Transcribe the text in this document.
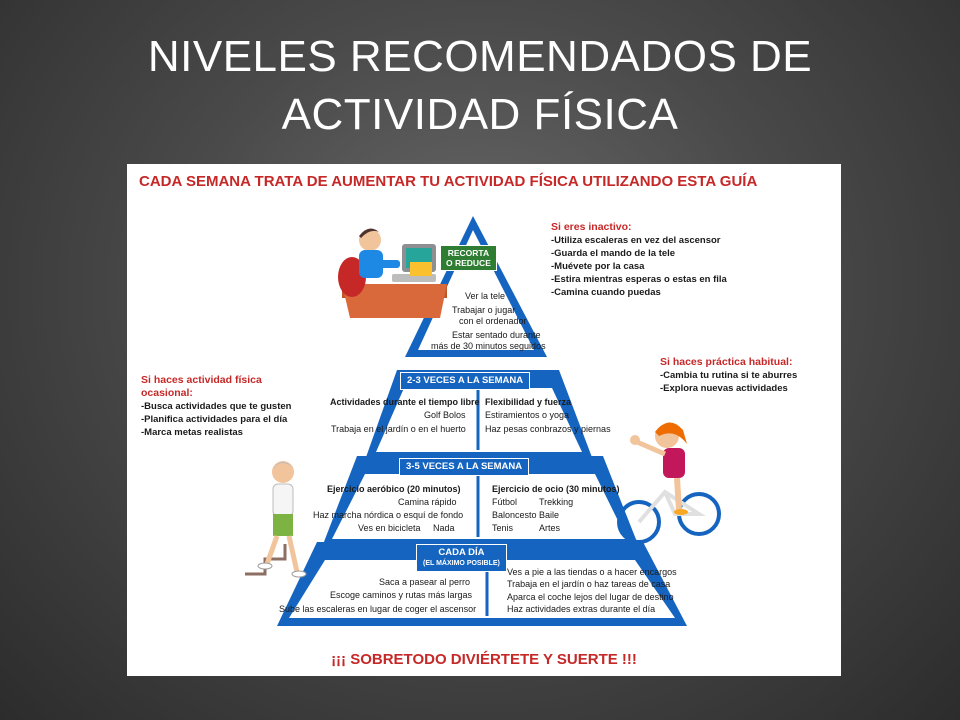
NIVELES RECOMENDADOS DE
ACTIVIDAD FÍSICA
CADA SEMANA TRATA DE AUMENTAR TU ACTIVIDAD FÍSICA UTILIZANDO ESTA GUÍA
RECORTA
O REDUCE
Ver la tele
Trabajar o jugar
con el ordenador
Estar sentado durante
más de 30 minutos seguidos
2-3 VECES A LA SEMANA
Actividades durante el tiempo libre
Golf Bolos
Trabaja en el jardín o en el huerto
Flexibilidad y fuerza
Estiramientos o yoga
Haz pesas conbrazos y piernas
3-5 VECES A LA SEMANA
Ejercicio aeróbico (20 minutos)
Camina rápido
Haz marcha nórdica o esquí de fondo
Ves en bicicleta Nada
Ejercicio de ocio (30 minutos)
Fútbol Trekking
Baloncesto Baile
Tenis	Artes
CADA DÍA
(EL MÁXIMO POSIBLE)
Saca a pasear al perro
Escoge caminos y rutas más largas
Sube las escaleras en lugar de coger el ascensor
Ves a pie a las tiendas o a hacer encargos
Trabaja en el jardín o haz tareas de casa
Aparca el coche lejos del lugar de destino
Haz actividades extras durante el día
Si eres inactivo:
-Utiliza escaleras en vez del ascensor
-Guarda el mando de la tele
-Muévete por la casa
-Estira mientras esperas o estas en fila
-Camina cuando puedas
Si haces práctica habitual:
-Cambia tu rutina si te aburres
-Explora nuevas actividades
Si haces actividad física
ocasional:
-Busca actividades que te gusten
-Planifica actividades para el día
-Marca metas realistas
¡¡¡ SOBRETODO DIVIÉRTETE Y SUERTE !!!
